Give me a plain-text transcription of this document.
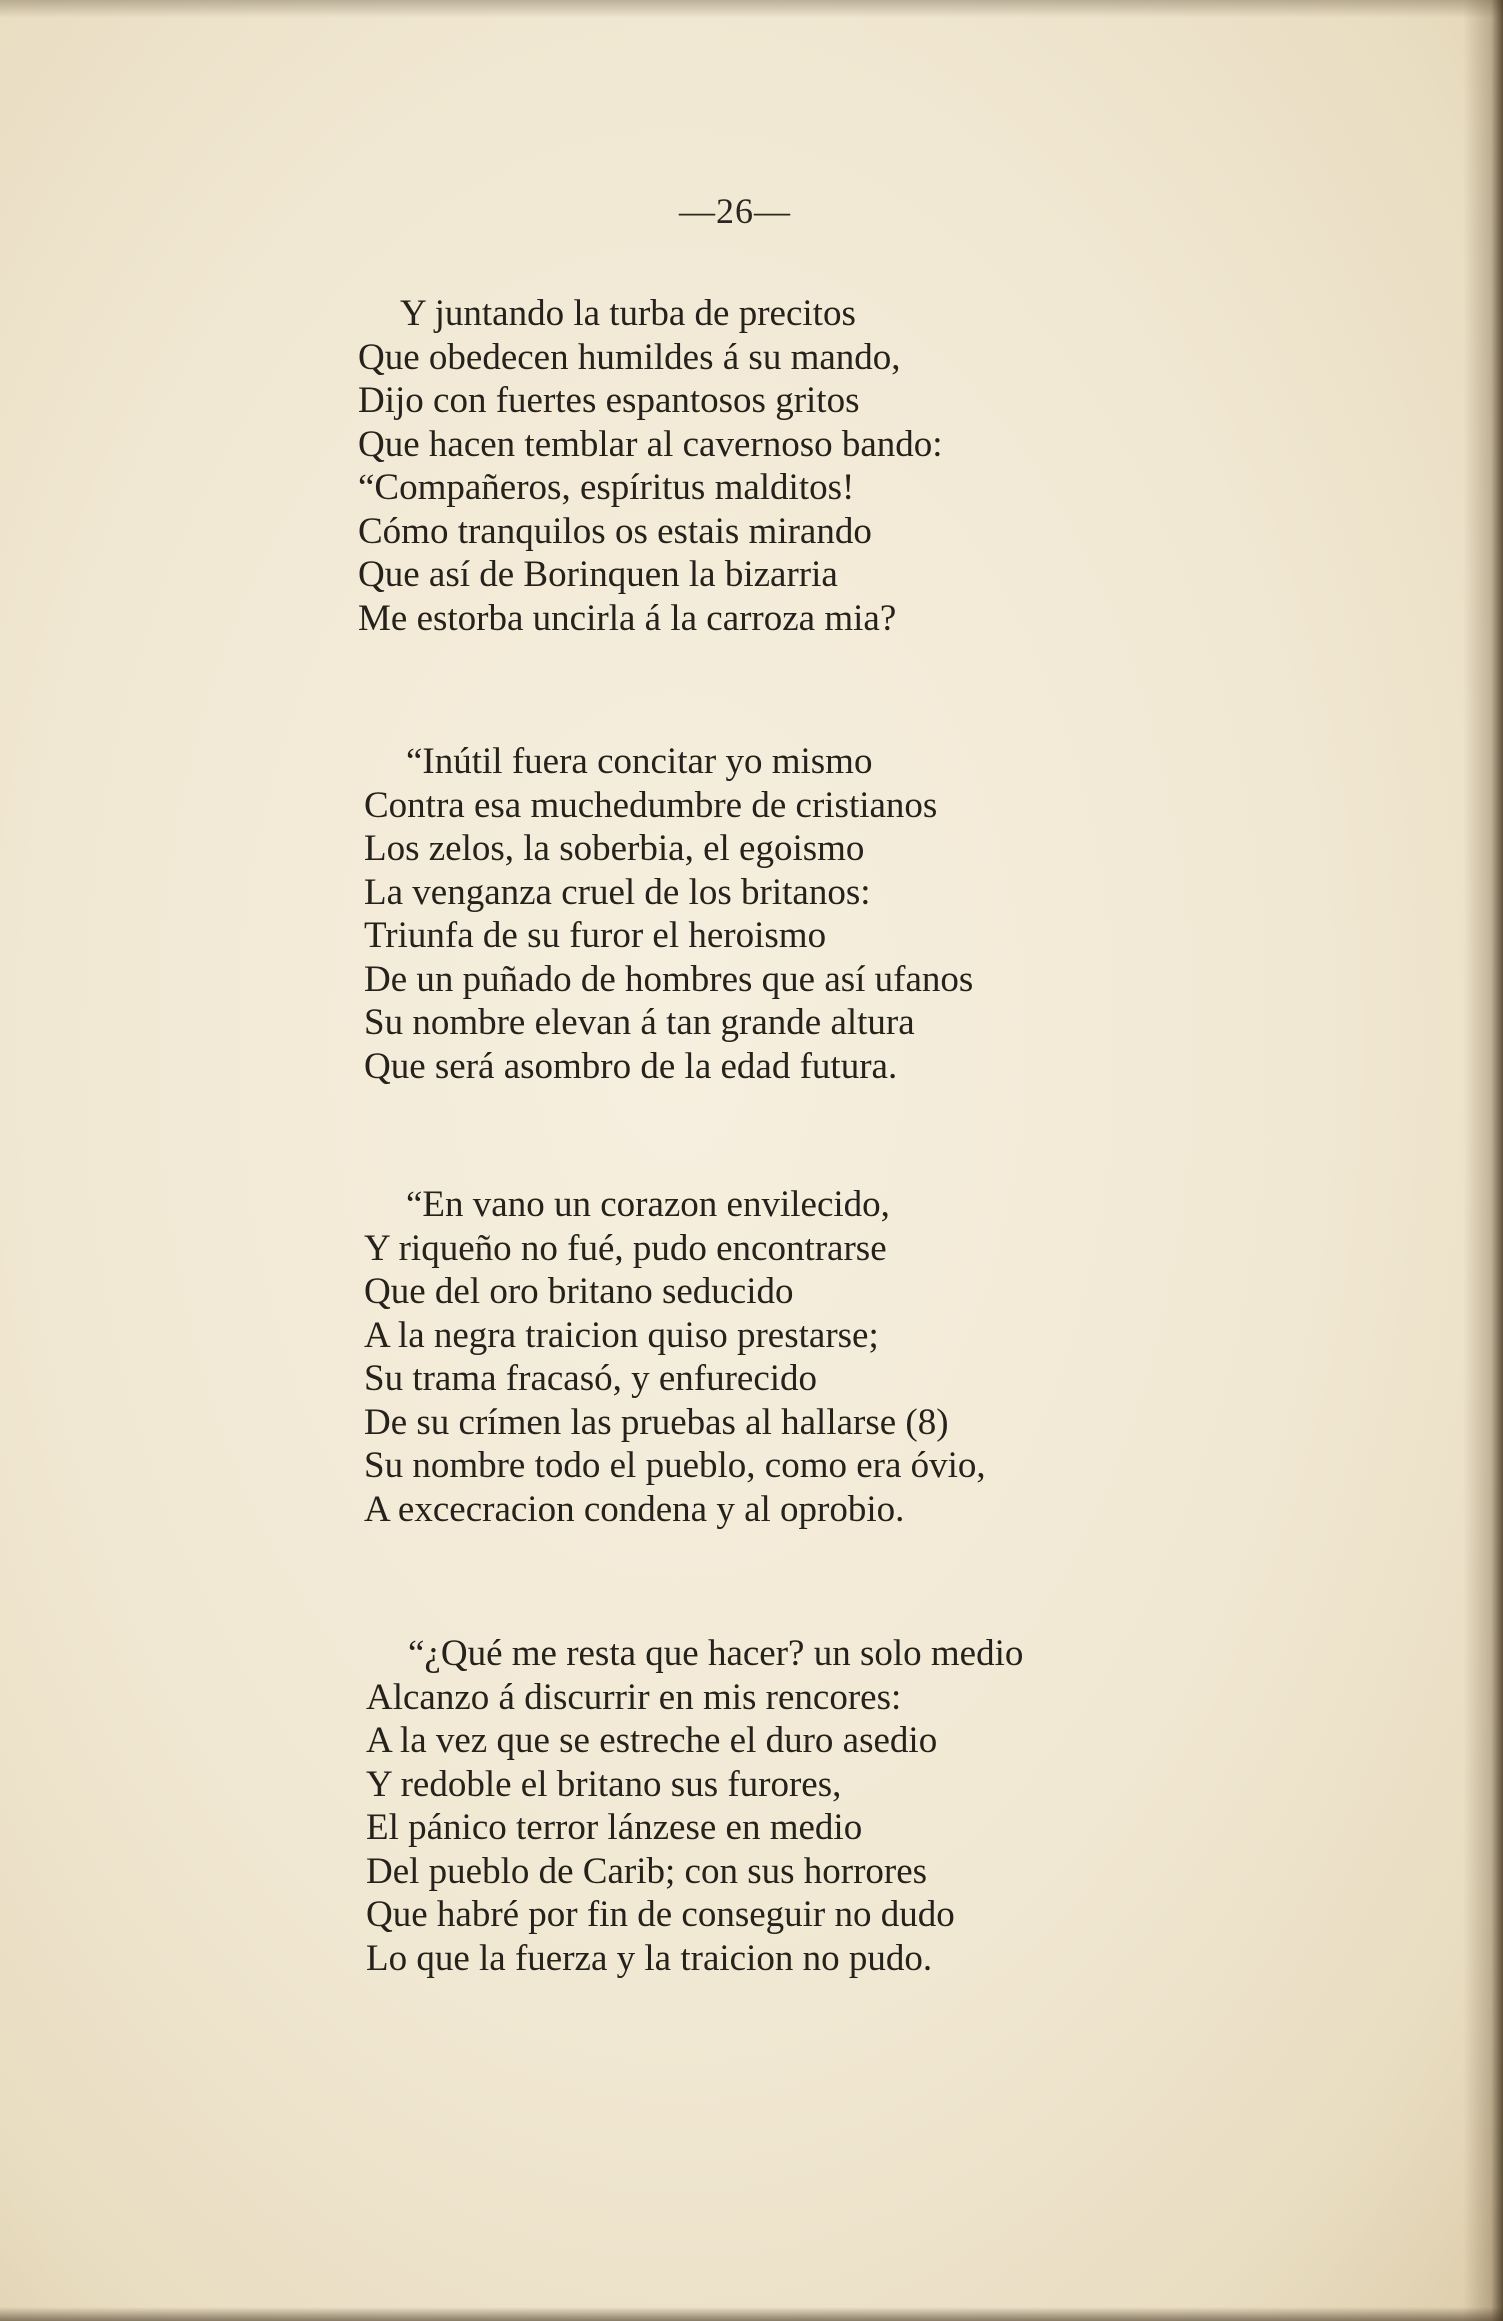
—26—
Y juntando la turba de precitos
Que obedecen humildes á su mando,
Dijo con fuertes espantosos gritos
Que hacen temblar al cavernoso bando:
“Compañeros, espíritus malditos!
Cómo tranquilos os estais mirando
Que así de Borinquen la bizarria
Me estorba uncirla á la carroza mia?
“Inútil fuera concitar yo mismo
Contra esa muchedumbre de cristianos
Los zelos, la soberbia, el egoismo
La venganza cruel de los britanos:
Triunfa de su furor el heroismo
De un puñado de hombres que así ufanos
Su nombre elevan á tan grande altura
Que será asombro de la edad futura.
“En vano un corazon envilecido,
Y riqueño no fué, pudo encontrarse
Que del oro britano seducido
A la negra traicion quiso prestarse;
Su trama fracasó, y enfurecido
De su crímen las pruebas al hallarse (8)
Su nombre todo el pueblo, como era óvio,
A excecracion condena y al oprobio.
“¿Qué me resta que hacer? un solo medio
Alcanzo á discurrir en mis rencores:
A la vez que se estreche el duro asedio
Y redoble el britano sus furores,
El pánico terror lánzese en medio
Del pueblo de Carib; con sus horrores
Que habré por fin de conseguir no dudo
Lo que la fuerza y la traicion no pudo.
